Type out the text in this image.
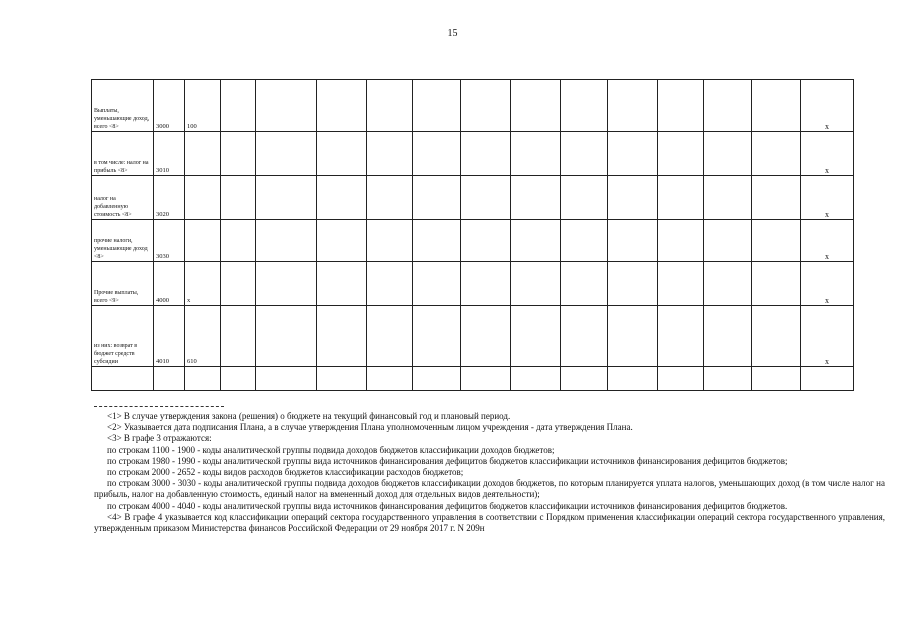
15
Выплаты, уменьшающие доход, всего <8>	3000	100													x

в том числе: налог на прибыль <8>	3010														x

налог на добавленную стоимость <8>	3020														x

прочие налоги, уменьшающие доход <8>	3030														x

Прочие выплаты, всего <9>	4000	x													x

из них: возврат в бюджет средств субсидии	4010	610													x

<1> В случае утверждения закона (решения) о бюджете на текущий финансовый год и плановый период.

<2> Указывается дата подписания Плана, а в случае утверждения Плана уполномоченным лицом учреждения - дата утверждения Плана.

<3> В графе 3 отражаются:

по строкам 1100 - 1900 - коды аналитической группы подвида доходов бюджетов классификации доходов бюджетов;

по строкам 1980 - 1990 - коды аналитической группы вида источников финансирования дефицитов бюджетов классификации источников финансирования дефицитов бюджетов;

по строкам 2000 - 2652 - коды видов расходов бюджетов классификации расходов бюджетов;

по строкам 3000 - 3030 - коды аналитической группы подвида доходов бюджетов классификации доходов бюджетов, по которым планируется уплата налогов, уменьшающих доход (в том числе налог на прибыль, налог на добавленную стоимость, единый налог на вмененный доход для отдельных видов деятельности);

по строкам 4000 - 4040 - коды аналитической группы вида источников финансирования дефицитов бюджетов классификации источников финансирования дефицитов бюджетов.

<4> В графе 4 указывается код классификации операций сектора государственного управления в соответствии с Порядком применения классификации операций сектора государственного управления, утвержденным приказом Министерства финансов Российской Федерации от 29 ноября 2017 г. N 209н
